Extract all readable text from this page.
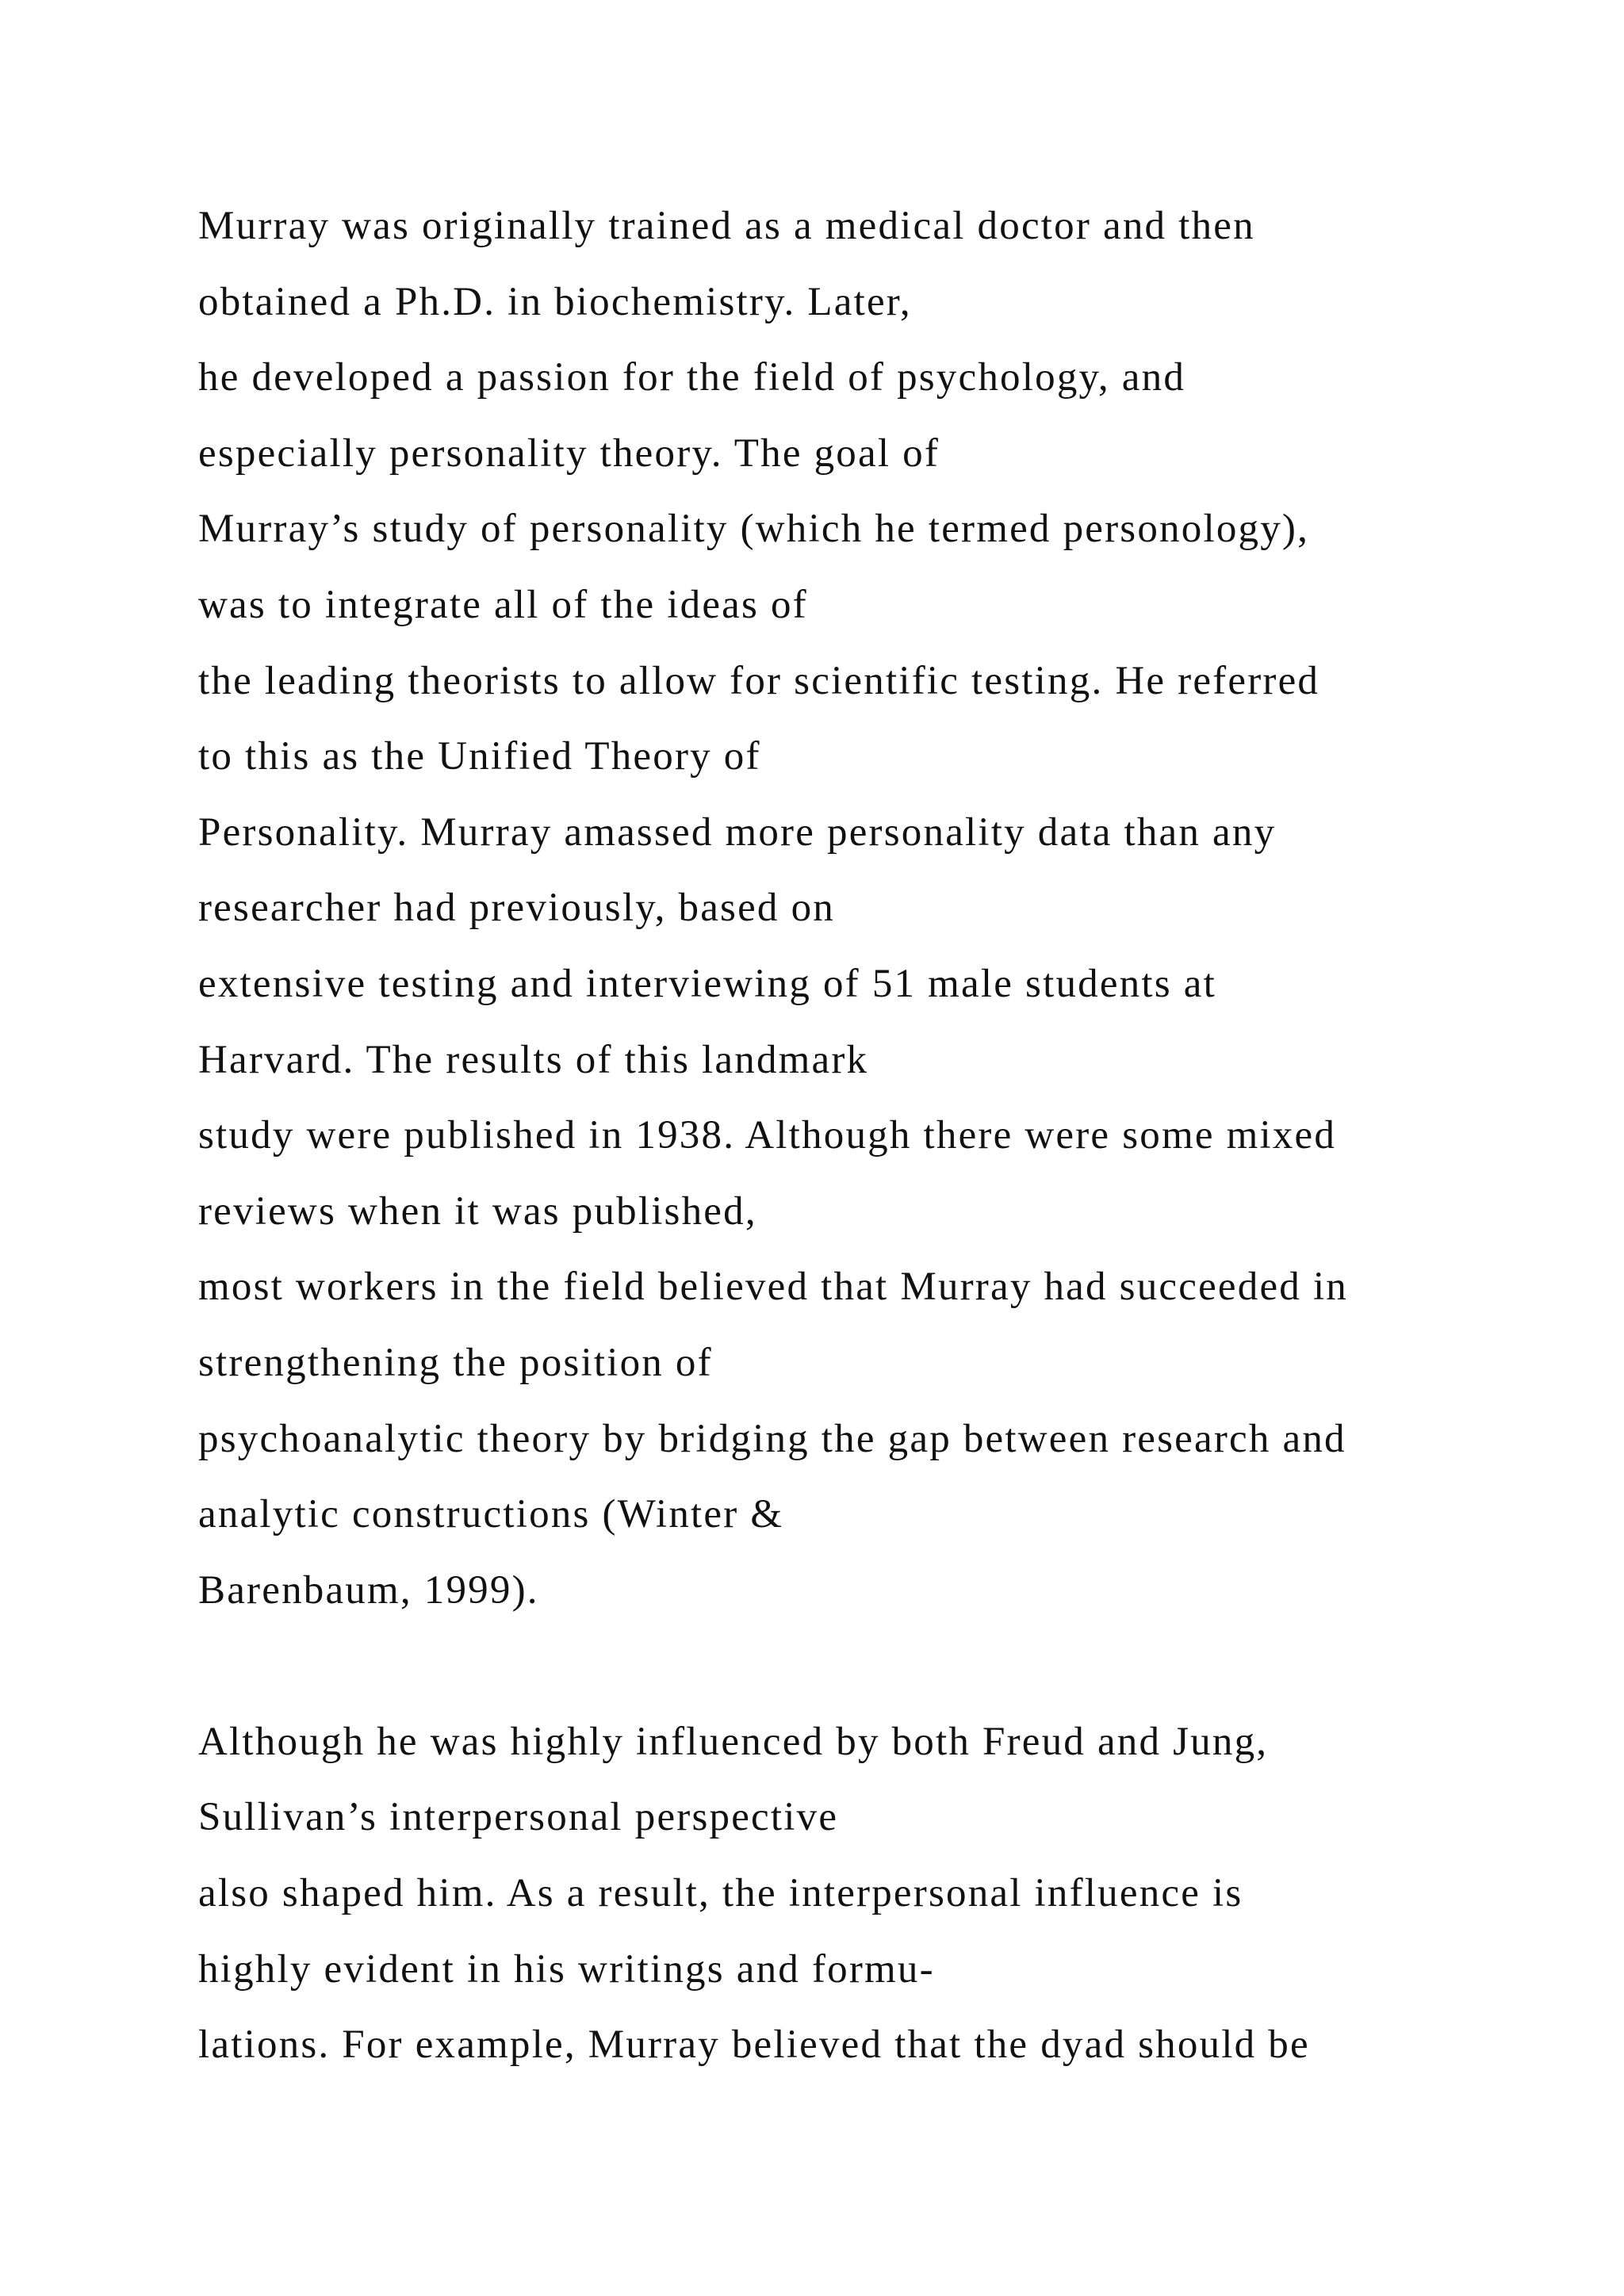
Murray was originally trained as a medical doctor and then
obtained a Ph.D. in biochemistry. Later,
he developed a passion for the field of psychology, and
especially personality theory. The goal of
Murray’s study of personality (which he termed personology),
was to integrate all of the ideas of
the leading theorists to allow for scientific testing. He referred
to this as the Unified Theory of
Personality. Murray amassed more personality data than any
researcher had previously, based on
extensive testing and interviewing of 51 male students at
Harvard. The results of this landmark
study were published in 1938. Although there were some mixed
reviews when it was published,
most workers in the field believed that Murray had succeeded in
strengthening the position of
psychoanalytic theory by bridging the gap between research and
analytic constructions (Winter &
Barenbaum, 1999).
Although he was highly influenced by both Freud and Jung,
Sullivan’s interpersonal perspective
also shaped him. As a result, the interpersonal influence is
highly evident in his writings and formu-
lations. For example, Murray believed that the dyad should be
